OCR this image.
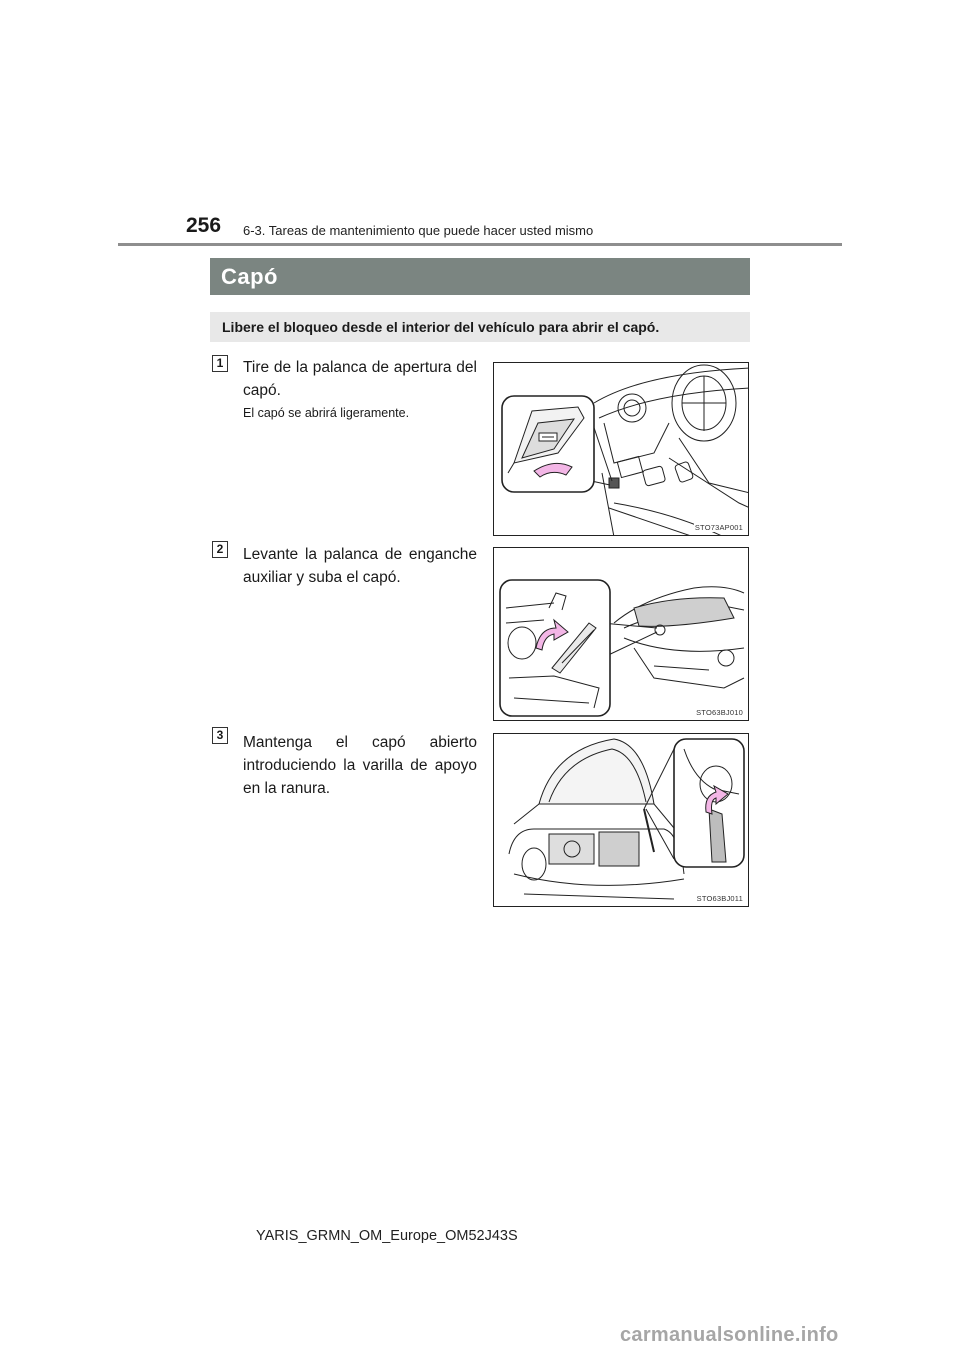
256 6-3. Tareas de mantenimiento que puede hacer usted mismo
Capó
Libere el bloqueo desde el interior del vehículo para abrir el capó.
1	Tire de la palanca de apertura del capó.
El capó se abrirá ligeramente.
STO73AP001
2	Levante la palanca de enganche auxiliar y suba el capó.
STO63BJ010
3	Mantenga el capó abierto introduciendo la varilla de apoyo en la ranura.
STO63BJ011
YARIS_GRMN_OM_Europe_OM52J43S
carmanualsonline.info
